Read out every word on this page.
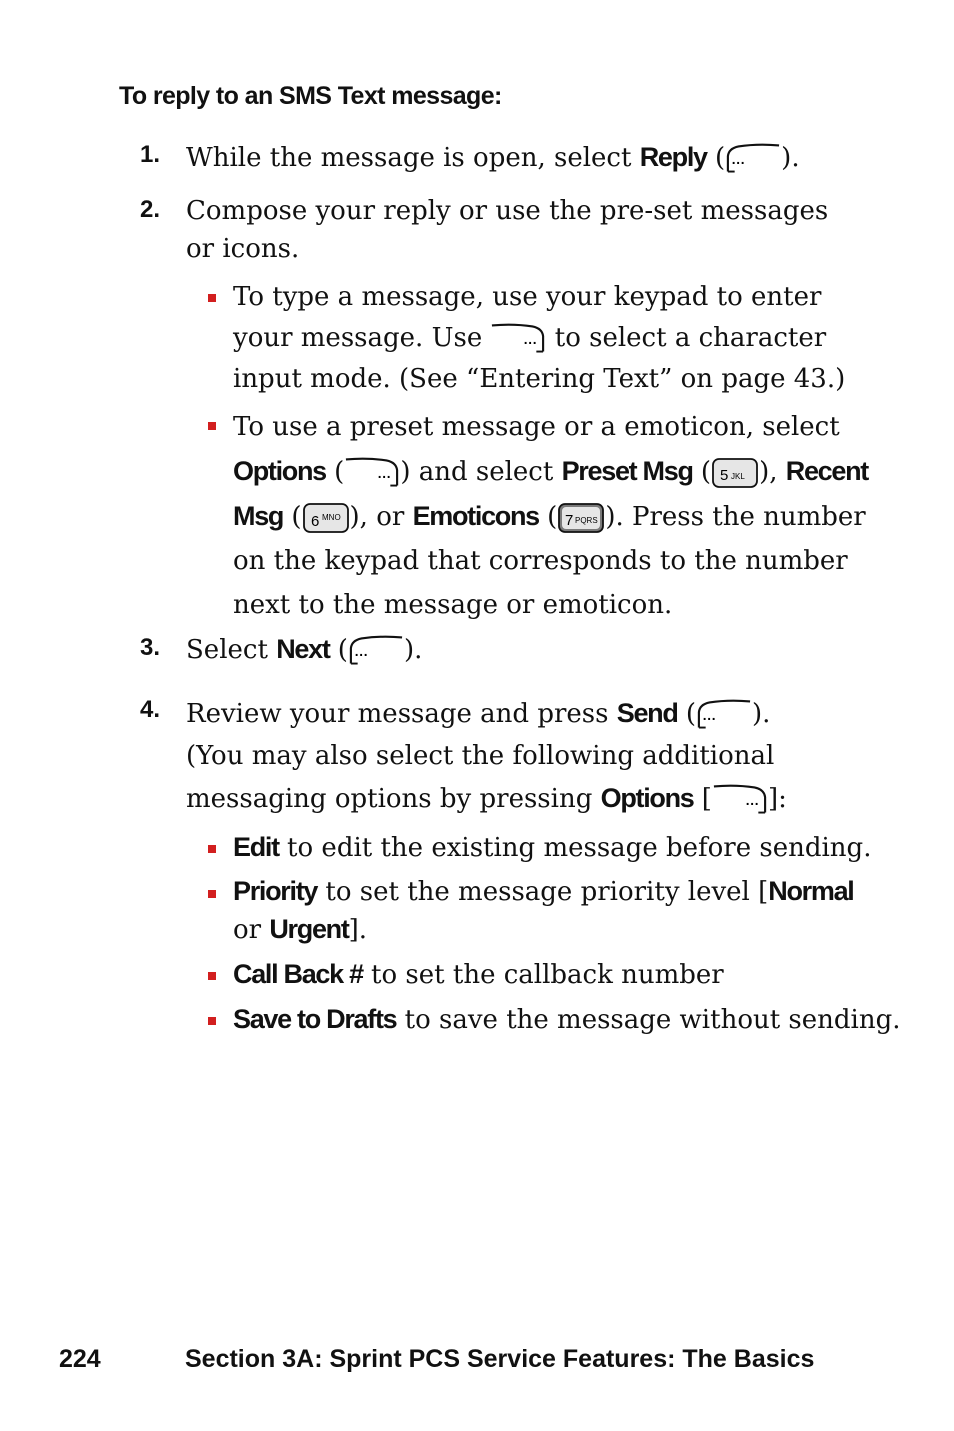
To reply to an SMS Text message:
1. While the message is open, select Reply ( ).
2. Compose your reply or use the pre-set messages or icons.
To type a message, use your keypad to enter your message. Use  to select a character input mode. (See “Entering Text” on page 43.)
To use a preset message or a emoticon, select Options ( ) and select Preset Msg ( 5 JKL ), Recent Msg ( 6 MNO ), or Emoticons ( 7 PQRS ). Press the number on the keypad that corresponds to the number next to the message or emoticon.
3. Select Next ( ).
4. Review your message and press Send ( ). (You may also select the following additional messaging options by pressing Options [ ]:
Edit to edit the existing message before sending.
Priority to set the message priority level [Normal or Urgent].
Call Back # to set the callback number
Save to Drafts to save the message without sending.
224	Section 3A: Sprint PCS Service Features: The Basics
